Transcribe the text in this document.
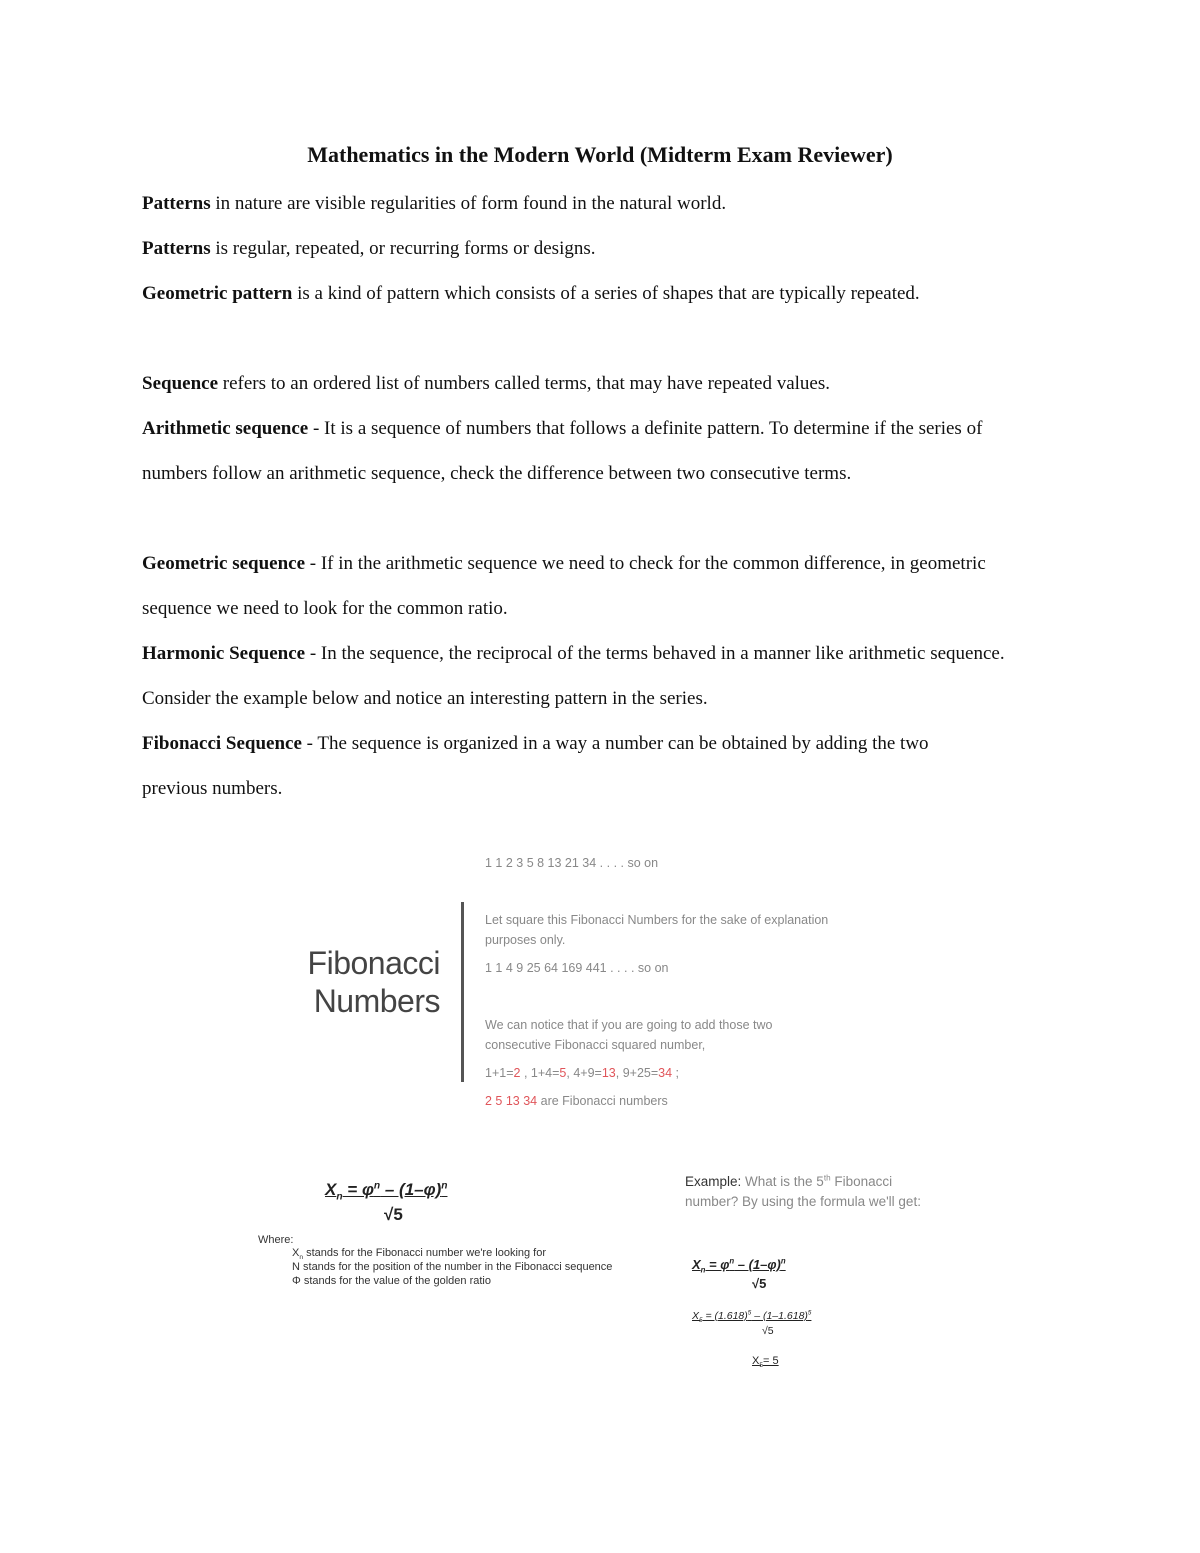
Mathematics in the Modern World (Midterm Exam Reviewer)
Patterns in nature are visible regularities of form found in the natural world.
Patterns is regular, repeated, or recurring forms or designs.
Geometric pattern is a kind of pattern which consists of a series of shapes that are typically repeated.
Sequence refers to an ordered list of numbers called terms, that may have repeated values.
Arithmetic sequence - It is a sequence of numbers that follows a definite pattern. To determine if the series of numbers follow an arithmetic sequence, check the difference between two consecutive terms.
Geometric sequence - If in the arithmetic sequence we need to check for the common difference, in geometric sequence we need to look for the common ratio.
Harmonic Sequence - In the sequence, the reciprocal of the terms behaved in a manner like arithmetic sequence. Consider the example below and notice an interesting pattern in the series.
Fibonacci Sequence - The sequence is organized in a way a number can be obtained by adding the two previous numbers.
Fibonacci
Numbers
1 1 2 3 5 8 13 21 34 . . . . so on
Let square this Fibonacci Numbers for the sake of explanation
purposes only.
1 1 4 9 25 64 169 441 . . . . so on
We can notice that if you are going to add those two
consecutive Fibonacci squared number,
1+1=2 , 1+4=5, 4+9=13, 9+25=34 ;
2 5 13 34 are Fibonacci numbers
$X_n = \varphi^n - (1-\varphi)^n$
√5
Where:
$X_n$ stands for the Fibonacci number we're looking for
N stands for the position of the number in the Fibonacci sequence
Φ stands for the value of the golden ratio
Example: What is the 5th Fibonacci number? By using the formula we'll get:
$X_n = \varphi^n - (1-\varphi)^n$
√5
$X_5 = (1.618)^5 - (1-1.618)^5$
√5
$X_5= 5$
